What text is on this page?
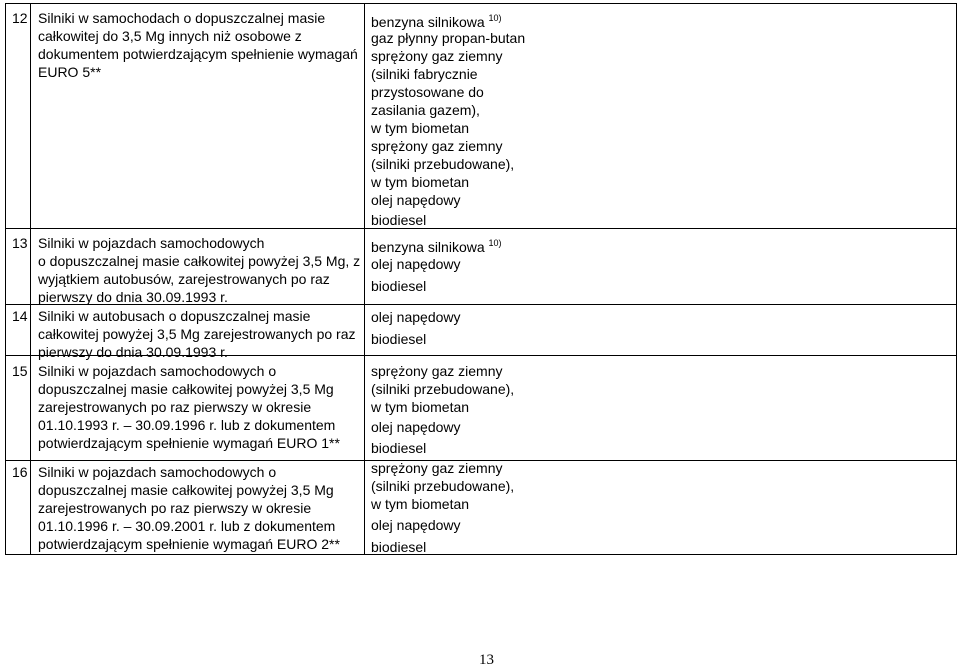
12 Silniki w samochodach o dopuszczalnej masie
całkowitej do 3,5 Mg innych niż osobowe z
dokumentem potwierdzającym spełnienie wymagań
EURO 5**
benzyna silnikowa $^{10)}$
gaz płynny propan-butan
sprężony gaz ziemny
(silniki fabrycznie
przystosowane do
zasilania gazem),
w tym biometan
sprężony gaz ziemny
(silniki przebudowane),
w tym biometan
olej napędowy
biodiesel
13 Silniki w pojazdach samochodowych
o dopuszczalnej masie całkowitej powyżej 3,5 Mg, z
wyjątkiem autobusów, zarejestrowanych po raz
pierwszy do dnia 30.09.1993 r.
benzyna silnikowa $^{10)}$
olej napędowy
biodiesel
14 Silniki w autobusach o dopuszczalnej masie
całkowitej powyżej 3,5 Mg zarejestrowanych po raz
pierwszy do dnia 30.09.1993 r.
olej napędowy
biodiesel
15 Silniki w pojazdach samochodowych o
dopuszczalnej masie całkowitej powyżej 3,5 Mg
zarejestrowanych po raz pierwszy w okresie
01.10.1993 r. – 30.09.1996 r. lub z dokumentem
potwierdzającym spełnienie wymagań EURO 1**
sprężony gaz ziemny
(silniki przebudowane),
w tym biometan
olej napędowy
biodiesel
16 Silniki w pojazdach samochodowych o
dopuszczalnej masie całkowitej powyżej 3,5 Mg
zarejestrowanych po raz pierwszy w okresie
01.10.1996 r. – 30.09.2001 r. lub z dokumentem
potwierdzającym spełnienie wymagań EURO 2**
sprężony gaz ziemny
(silniki przebudowane),
w tym biometan
olej napędowy
biodiesel
13
